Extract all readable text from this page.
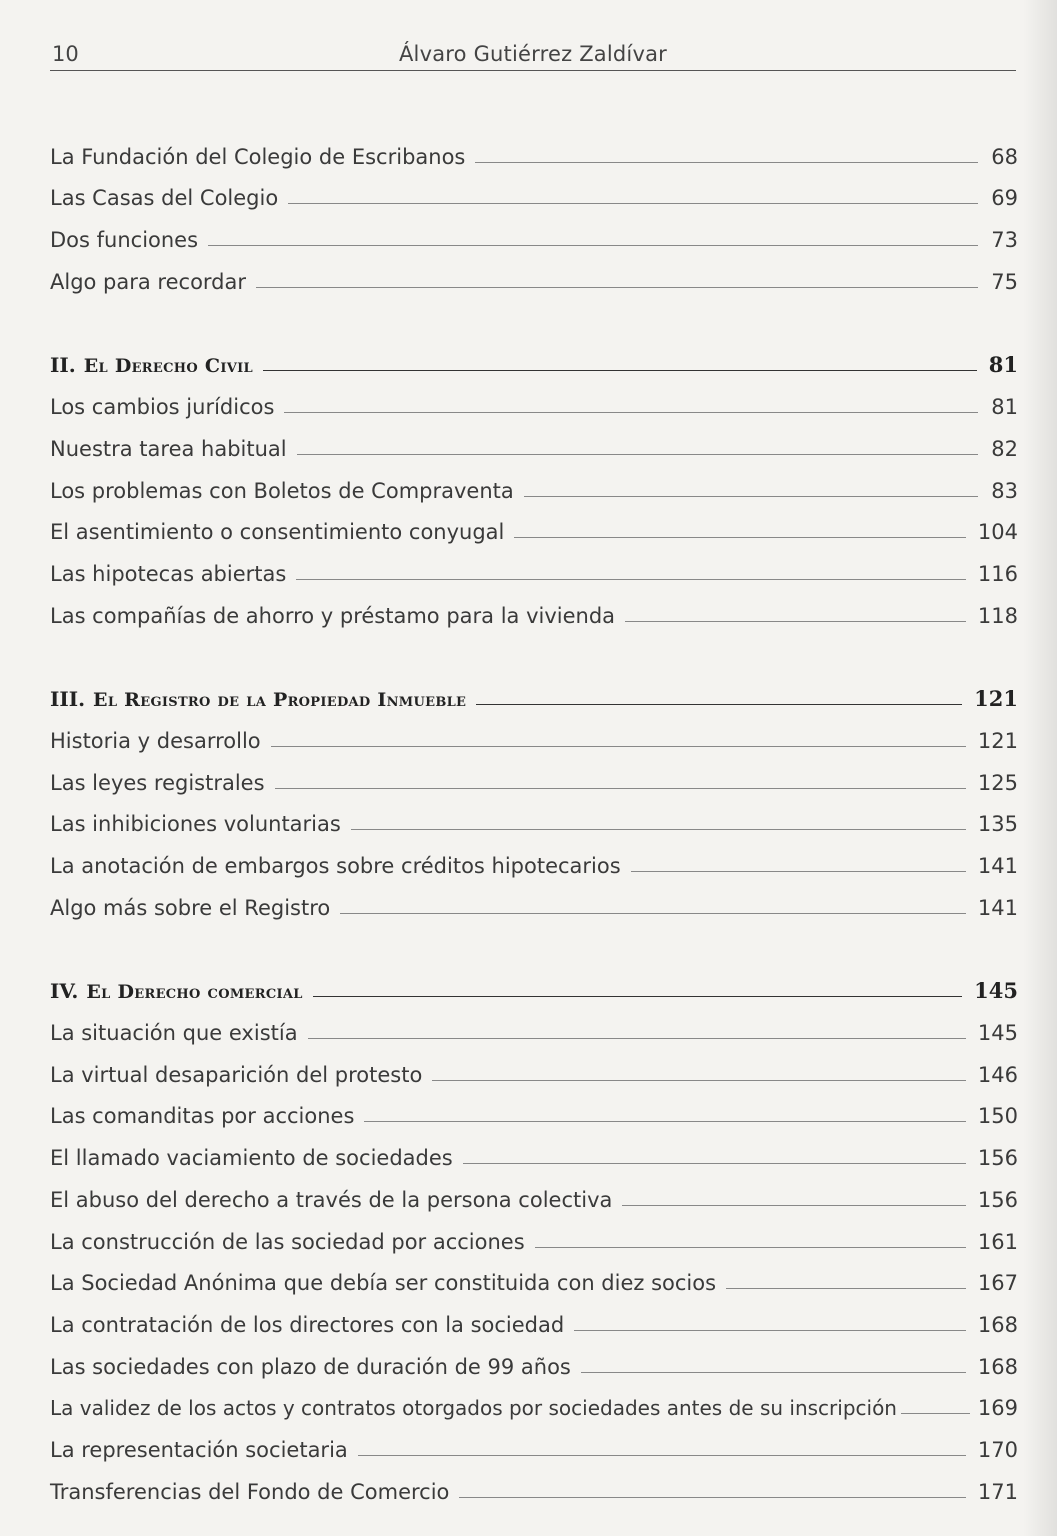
10	Álvaro Gutiérrez Zaldívar
La Fundación del Colegio de Escribanos	68
Las Casas del Colegio	69
Dos funciones	73
Algo para recordar	75
II. El Derecho Civil	81
Los cambios jurídicos	81
Nuestra tarea habitual	82
Los problemas con Boletos de Compraventa	83
El asentimiento o consentimiento conyugal	104
Las hipotecas abiertas	116
Las compañías de ahorro y préstamo para la vivienda	118
III. El Registro de la Propiedad Inmueble	121
Historia y desarrollo	121
Las leyes registrales	125
Las inhibiciones voluntarias	135
La anotación de embargos sobre créditos hipotecarios	141
Algo más sobre el Registro	141
IV. El Derecho comercial	145
La situación que existía	145
La virtual desaparición del protesto	146
Las comanditas por acciones	150
El llamado vaciamiento de sociedades	156
El abuso del derecho a través de la persona colectiva	156
La construcción de las sociedad por acciones	161
La Sociedad Anónima que debía ser constituida con diez socios	167
La contratación de los directores con la sociedad	168
Las sociedades con plazo de duración de 99 años	168
La validez de los actos y contratos otorgados por sociedades antes de su inscripción	169
La representación societaria	170
Transferencias del Fondo de Comercio	171
